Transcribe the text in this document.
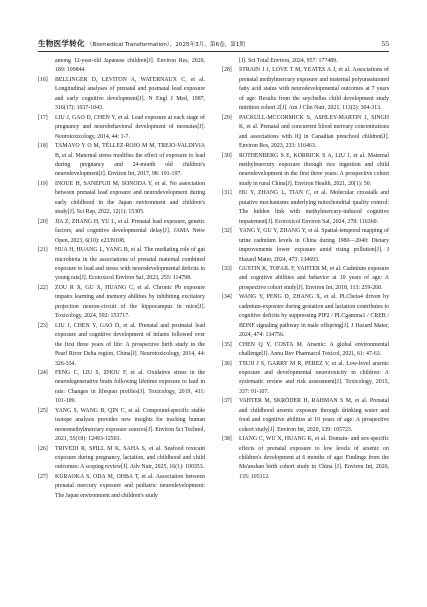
生物医学转化 （Biomedical Transformation），2025年3月，第6卷，第1期	55
among 12-year-old Japanese children[J]. Environ Res, 2020, 189: 109844.
[16] BELLINGER D, LEVITON A, WATERNAUX C, et al. Longitudinal analyses of prenatal and postnatal lead exposure and early cognitive development[J]. N Engl J Med, 1987, 316(17): 1037-1043.
[17] LIU J, GAO D, CHEN Y, et al. Lead exposure at each stage of pregnancy and neurobehavioral development of neonates[J]. Neurotoxicology, 2014, 44: 1-7.
[18] TAMAYO Y O M, TÉLLEZ-ROJO M M, TREJO-VALDIVIA B, et al. Maternal stress modifies the effect of exposure to lead during pregnancy and 24-month old children's neurodevelopment[J]. Environ Int, 2017, 98: 191-197.
[19] INOUE H, SANEFUJI M, SONODA Y, et al. No association between prenatal lead exposure and neurodevelopment during early childhood in the Japan environment and children's study[J]. Sci Rep, 2022, 12(1): 15305.
[20] JIA Z, ZHANG H, YU L, et al. Prenatal lead exposure, genetic factors, and cognitive developmental delay[J]. JAMA Netw Open, 2023, 6(10): e2339108.
[21] HUA H, HUANG L, YANG B, et al. The mediating role of gut microbiota in the associations of prenatal maternal combined exposure to lead and stress with neurodevelopmental deficits in young rats[J]. Ecotoxicol Environ Saf, 2023, 255: 114798.
[22] ZOU R X, GU X, HUANG C, et al. Chronic Pb exposure impairs learning and memory abilities by inhibiting excitatory projection neuron-circuit of the hippocampus in mice[J]. Toxicology, 2024, 502: 153717.
[23] LIU J, CHEN Y, GAO D, et al. Prenatal and postnatal lead exposure and cognitive development of infants followed over the first three years of life: A prospective birth study in the Pearl River Delta region, China[J]. Neurotoxicology, 2014, 44: 326-334.
[24] FENG C, LIU S, ZHOU F, et al. Oxidative stress in the neurodegenerative brain following lifetime exposure to lead in rats: Changes in lifespan profiles[J]. Toxicology, 2019, 411: 101-109.
[25] YANG S, WANG B, QIN C, et al. Compound-specific stable isotope analysis provides new insights for tracking human monomethylmercury exposure sources[J]. Environ Sci Technol, 2021, 55(18): 12493-12503.
[26] TRIVEDI R, SPILL M K, SAHA S, et al. Seafood toxicant exposure during pregnancy, lactation, and childhood and child outcomes: A scoping review[J]. Adv Nutr, 2025, 16(1): 100353.
[27] KURAOKA S, ODA M, OHBA T, et al. Association between prenatal mercury exposure and pediatric neurodevelopment: The Japan environment and children's study
[J]. Sci Total Environ, 2024, 957: 177489.
[28] STRAIN J J, LOVE T M, YEATES A J, et al. Associations of prenatal methylmercury exposure and maternal polyunsaturated fatty acid status with neurodevelopmental outcomes at 7 years of age: Results from the seychelles child development study nutrition cohort 2[J]. Am J Clin Nutr, 2021, 113(2): 304-313.
[29] PACKULL-MCCORMICK S, ASHLEY-MARTIN J, SINGH K, et al. Prenatal and concurrent blood mercury concentrations and associations with IQ in Canadian preschool children[J]. Environ Res, 2023, 233: 116463.
[30] ROTHENBERG S E, KORRICK S A, LIU J, et al. Maternal methylmercury exposure through rice ingestion and child neurodevelopment in the first three years: A prospective cohort study in rural China[J]. Environ Health, 2021, 20(1): 50.
[31] HU Y, ZHANG L, TIAN C, et al. Molecular crosstalk and putative mechanisms underlying mitochondrial quality control: The hidden link with methylmercury-induced cognitive impairment[J]. Ecotoxicol Environ Saf, 2024, 278: 116360.
[32] YANG Y, GU Y, ZHANG Y, et al. Spatial-temporal mapping of urine cadmium levels in China during 1980—2040: Dietary improvements lower exposure amid rising pollution[J]. J Hazard Mater, 2024, 473: 134693.
[33] GUSTIN K, TOFAIL F, VAHTER M, et al. Cadmium exposure and cognitive abilities and behavior at 10 years of age: A prospective cohort study[J]. Environ Int, 2018, 113: 259-268.
[34] WANG Y, PENG D, ZHANG X, et al. PLCbeta4 driven by cadmium-exposure during gestation and lactation contributes to cognitive deficits by suppressing PIP2 / PLCgamma1 / CREB / BDNF signaling pathway in male offspring[J]. J Hazard Mater, 2024, 474: 134756.
[35] CHEN Q Y, COSTA M. Arsenic: A global environmental challenge[J]. Annu Rev Pharmacol Toxicol, 2021, 61: 47-63.
[36] TSUJI J S, GARRY M R, PEREZ V, et al. Low-level arsenic exposure and developmental neurotoxicity in children: A systematic review and risk assessment[J]. Toxicology, 2015, 337: 91-107.
[37] VAHTER M, SKRÖDER H, RAHMAN S M, et al. Prenatal and childhood arsenic exposure through drinking water and food and cognitive abilities at 10 years of age: A prospective cohort study[J]. Environ Int, 2020, 139: 105723.
[38] LIANG C, WU X, HUANG K, et al. Domain- and sex-specific effects of prenatal exposure to low levels of arsenic on children's development at 6 months of age: Findings from the Ma'anshan birth cohort study in China [J]. Environ Int, 2020, 135: 105112.
